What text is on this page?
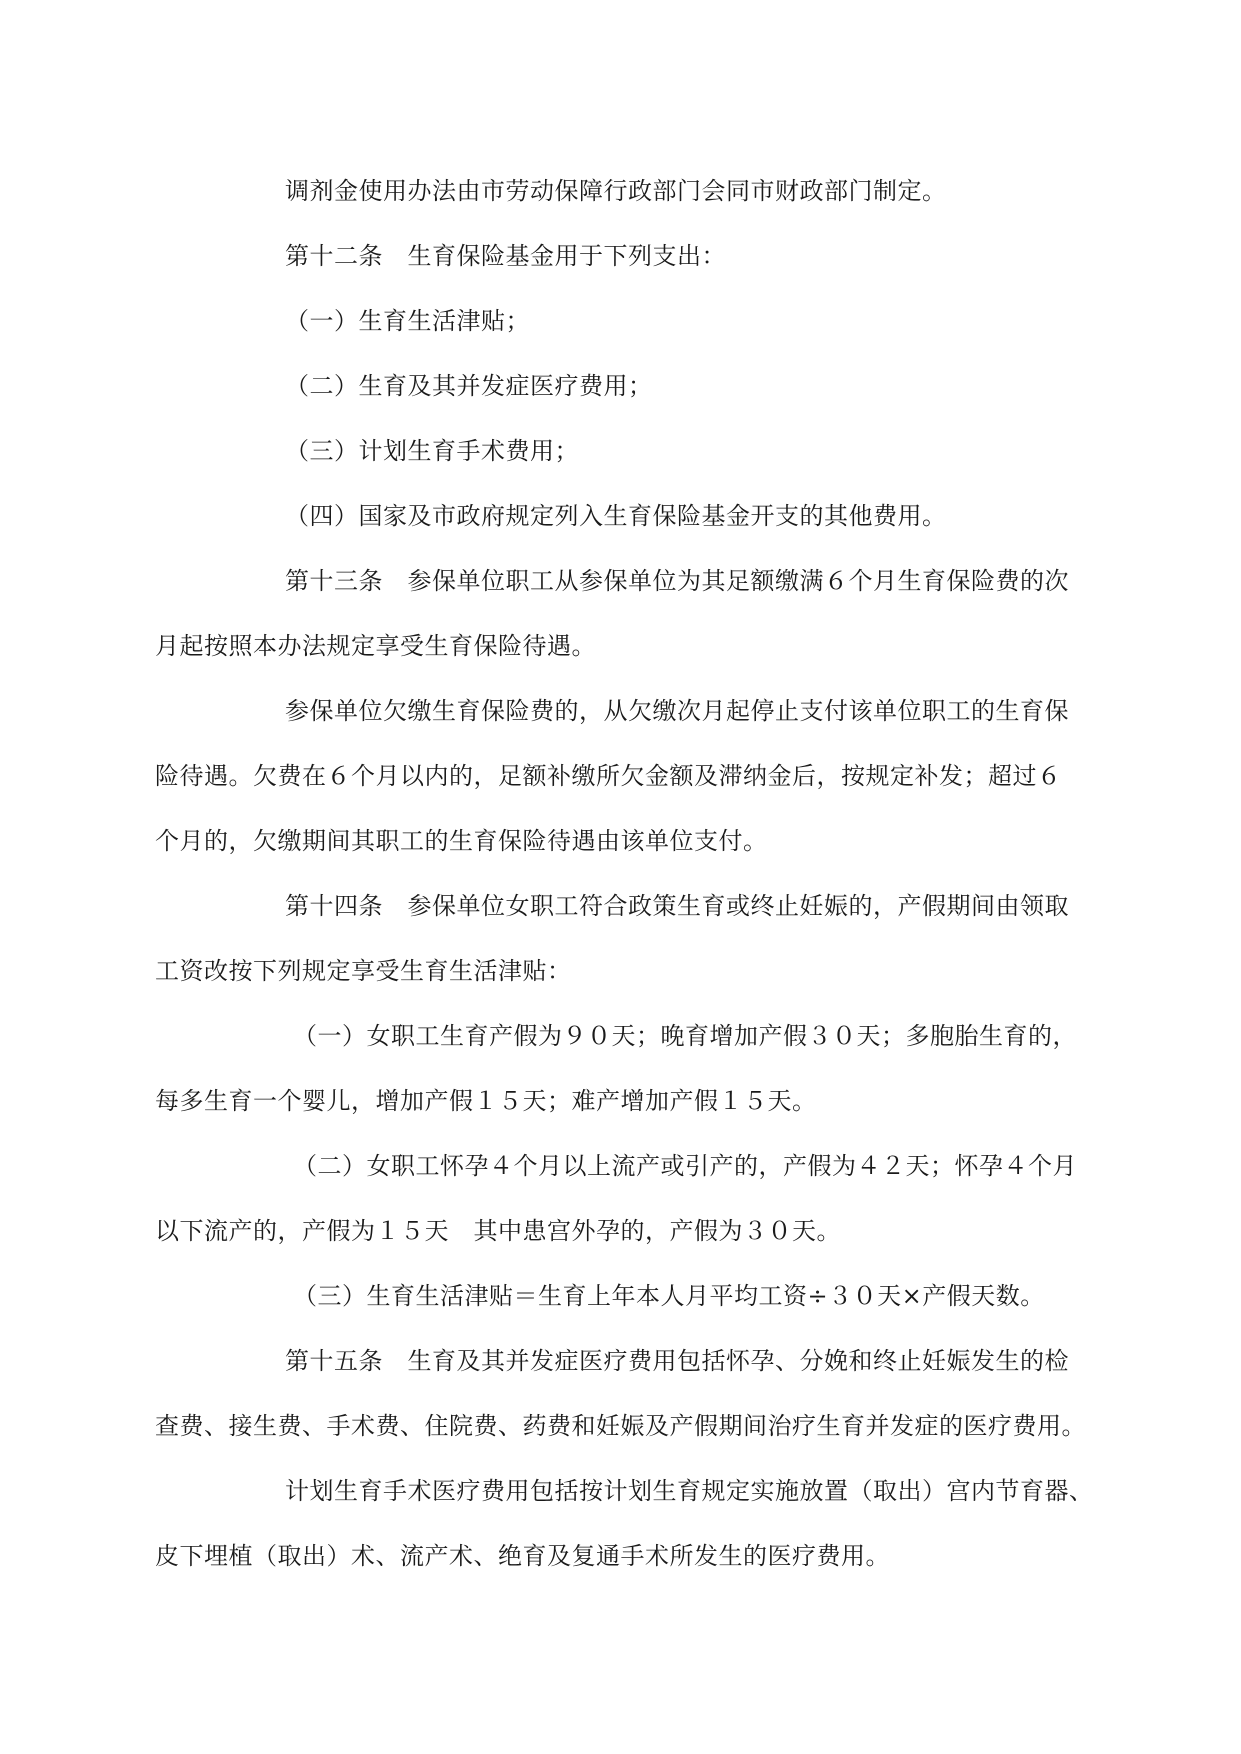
调剂金使用办法由市劳动保障行政部门会同市财政部门制定。
第十二条　生育保险基金用于下列支出：
（一）生育生活津贴；
（二）生育及其并发症医疗费用；
（三）计划生育手术费用；
（四）国家及市政府规定列入生育保险基金开支的其他费用。
第十三条　参保单位职工从参保单位为其足额缴满６个月生育保险费的次
月起按照本办法规定享受生育保险待遇。
参保单位欠缴生育保险费的，从欠缴次月起停止支付该单位职工的生育保
险待遇。欠费在６个月以内的，足额补缴所欠金额及滞纳金后，按规定补发；超过６
个月的，欠缴期间其职工的生育保险待遇由该单位支付。
第十四条　参保单位女职工符合政策生育或终止妊娠的，产假期间由领取
工资改按下列规定享受生育生活津贴：
（一）女职工生育产假为９０天；晚育增加产假３０天；多胞胎生育的，
每多生育一个婴儿，增加产假１５天；难产增加产假１５天。
（二）女职工怀孕４个月以上流产或引产的，产假为４２天；怀孕４个月
以下流产的，产假为１５天　其中患宫外孕的，产假为３０天。
（三）生育生活津贴＝生育上年本人月平均工资÷３０天×产假天数。
第十五条　生育及其并发症医疗费用包括怀孕、分娩和终止妊娠发生的检
查费、接生费、手术费、住院费、药费和妊娠及产假期间治疗生育并发症的医疗费用。
计划生育手术医疗费用包括按计划生育规定实施放置（取出）宫内节育器、
皮下埋植（取出）术、流产术、绝育及复通手术所发生的医疗费用。
